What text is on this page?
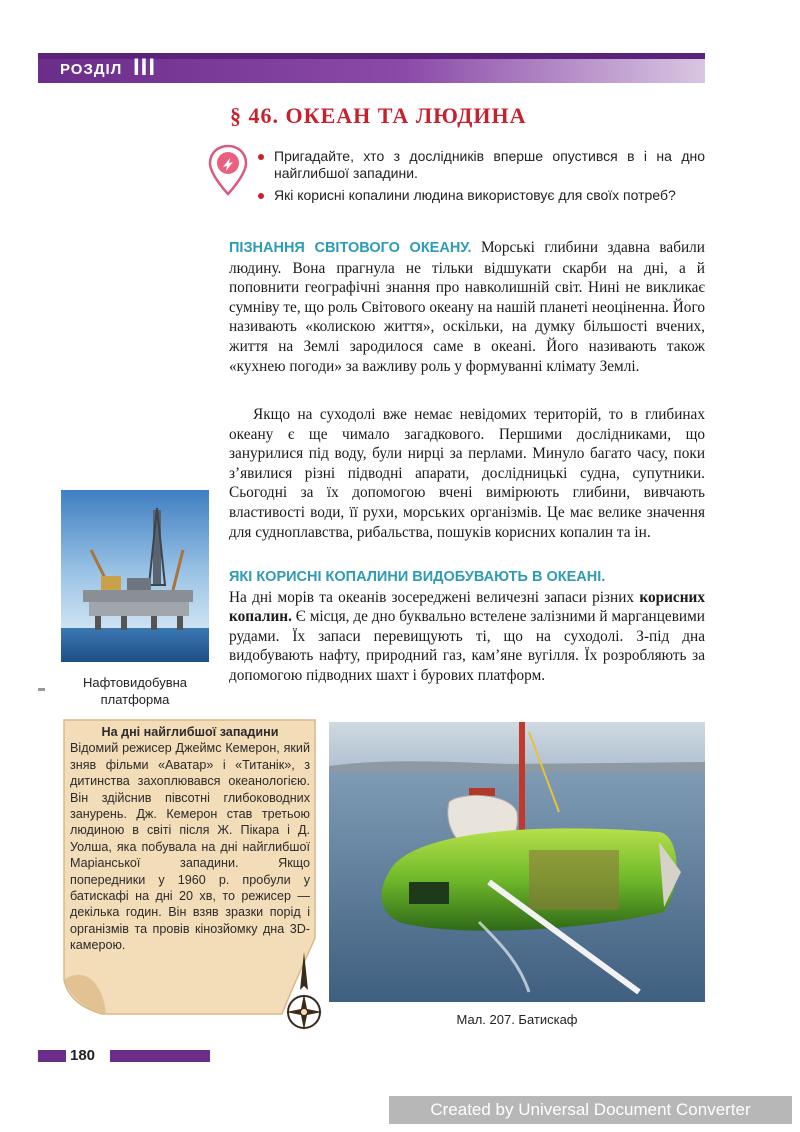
РОЗДІЛ III
§ 46. ОКЕАН ТА ЛЮДИНА
Пригадайте, хто з дослідників вперше опустився в і на дно найглибшої западини.
Які корисні копалини людина використовує для своїх потреб?
ПІЗНАННЯ СВІТОВОГО ОКЕАНУ. Морські глибини здавна вабили людину. Вона прагнула не тільки відшукати скарби на дні, а й поповнити географічні знання про навколишній світ. Нині не викликає сумніву те, що роль Світового океану на нашій планеті неоціненна. Його називають «колискою життя», оскільки, на думку більшості вчених, життя на Землі зародилося саме в океані. Його називають також «кухнею погоди» за важливу роль у формуванні клімату Землі.
Якщо на суходолі вже немає невідомих територій, то в глибинах океану є ще чимало загадкового. Першими дослідниками, що занурилися під воду, були нирці за перлами. Минуло багато часу, поки з’явилися різні підводні апарати, дослідницькі судна, супутники. Сьогодні за їх допомогою вчені вимірюють глибини, вивчають властивості води, її рухи, морських організмів. Це має велике значення для судноплавства, рибальства, пошуків корисних копалин та ін.
ЯКІ КОРИСНІ КОПАЛИНИ ВИДОБУВАЮТЬ В ОКЕАНІ.
На дні морів та океанів зосереджені величезні запаси різних корисних копалин. Є місця, де дно буквально встелене залізними й марганцевими рудами. Їх запаси перевищують ті, що на суходолі. З-під дна видобувають нафту, природний газ, кам’яне вугілля. Їх розробляють за допомогою підводних шахт і бурових платформ.
Нафтовидобувна платформа
На дні найглибшої западини
Відомий режисер Джеймс Кемерон, який зняв фільми «Аватар» і «Титанік», з дитинства захоплювався океанологією. Він здійснив півсотні глибоководних занурень. Дж. Кемерон став третьою людиною в світі після Ж. Пікара і Д. Уолша, яка побувала на дні найглибшої Маріанської западини. Якщо попередники у 1960 р. пробули у батискафі на дні 20 хв, то режисер — декілька годин. Він взяв зразки порід і організмів та провів кінозйомку дна 3D-камерою.
Мал. 207. Батискаф
180
Created by Universal Document Converter
